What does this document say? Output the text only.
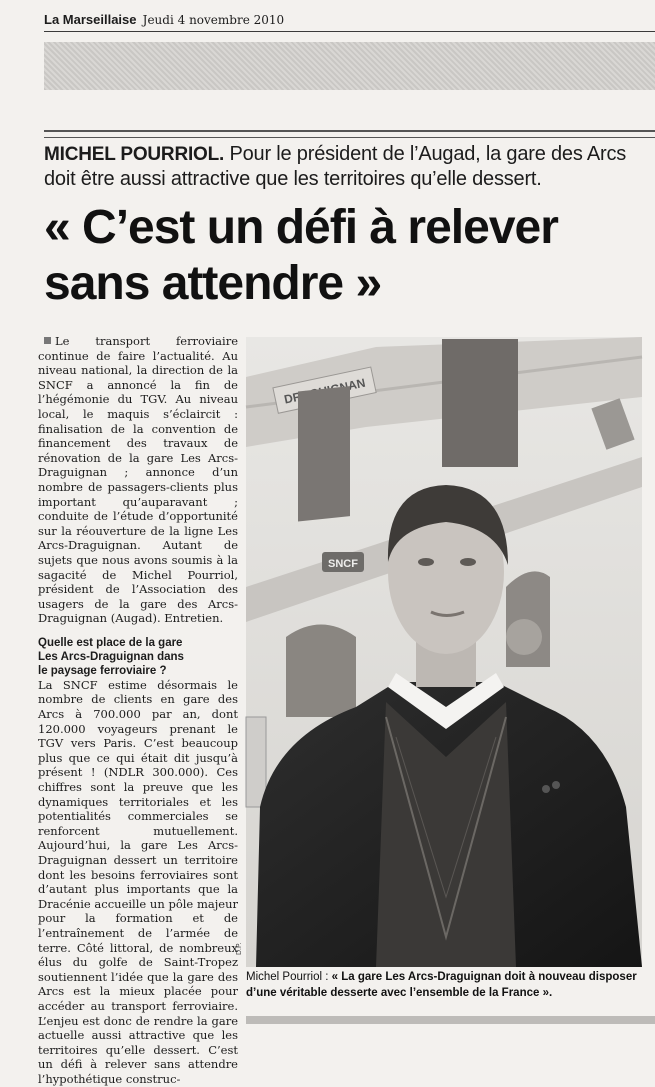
La Marseillaise Jeudi 4 novembre 2010
MICHEL POURRIOL. Pour le président de l’Augad, la gare des Arcs doit être aussi attractive que les territoires qu’elle dessert.
« C’est un défi à relever sans attendre »

Le transport ferroviaire continue de faire l’actualité. Au niveau national, la direction de la SNCF a annoncé la fin de l’hégémonie du TGV. Au niveau local, le maquis s’éclaircit : finalisation de la convention de financement des travaux de rénovation de la gare Les Arcs-Draguignan ; annonce d’un nombre de passagers-clients plus important qu’auparavant ; conduite de l’étude d’opportunité sur la réouverture de la ligne Les Arcs-Draguignan. Autant de sujets que nous avons soumis à la sagacité de Michel Pourriol, président de l’Association des usagers de la gare des Arcs-Draguignan (Augad). Entretien.

Quelle est place de la gare
Les Arcs-Draguignan dans
le paysage ferroviaire ?

La SNCF estime désormais le nombre de clients en gare des Arcs à 700.000 par an, dont 120.000 voyageurs prenant le TGV vers Paris. C’est beaucoup plus que ce qui était dit jusqu’à présent ! (NDLR 300.000). Ces chiffres sont la preuve que les dynamiques territoriales et les potentialités commerciales se renforcent mutuellement. Aujourd’hui, la gare Les Arcs-Draguignan dessert un territoire dont les besoins ferroviaires sont d’autant plus importants que la Dracénie accueille un pôle majeur pour la formation et de l’entraînement de l’armée de terre. Côté littoral, de nombreux élus du golfe de Saint-Tropez soutiennent l’idée que la gare des Arcs est la mieux placée pour accéder au transport ferroviaire. L’enjeu est donc de rendre la gare actuelle aussi attractive que les territoires qu’elle dessert. C’est un défi à relever sans attendre l’hypothétique construc-

SNCF
D.P.
Michel Pourriol : « La gare Les Arcs-Draguignan doit à nouveau disposer d’une véritable desserte avec l’ensemble de la France ».
